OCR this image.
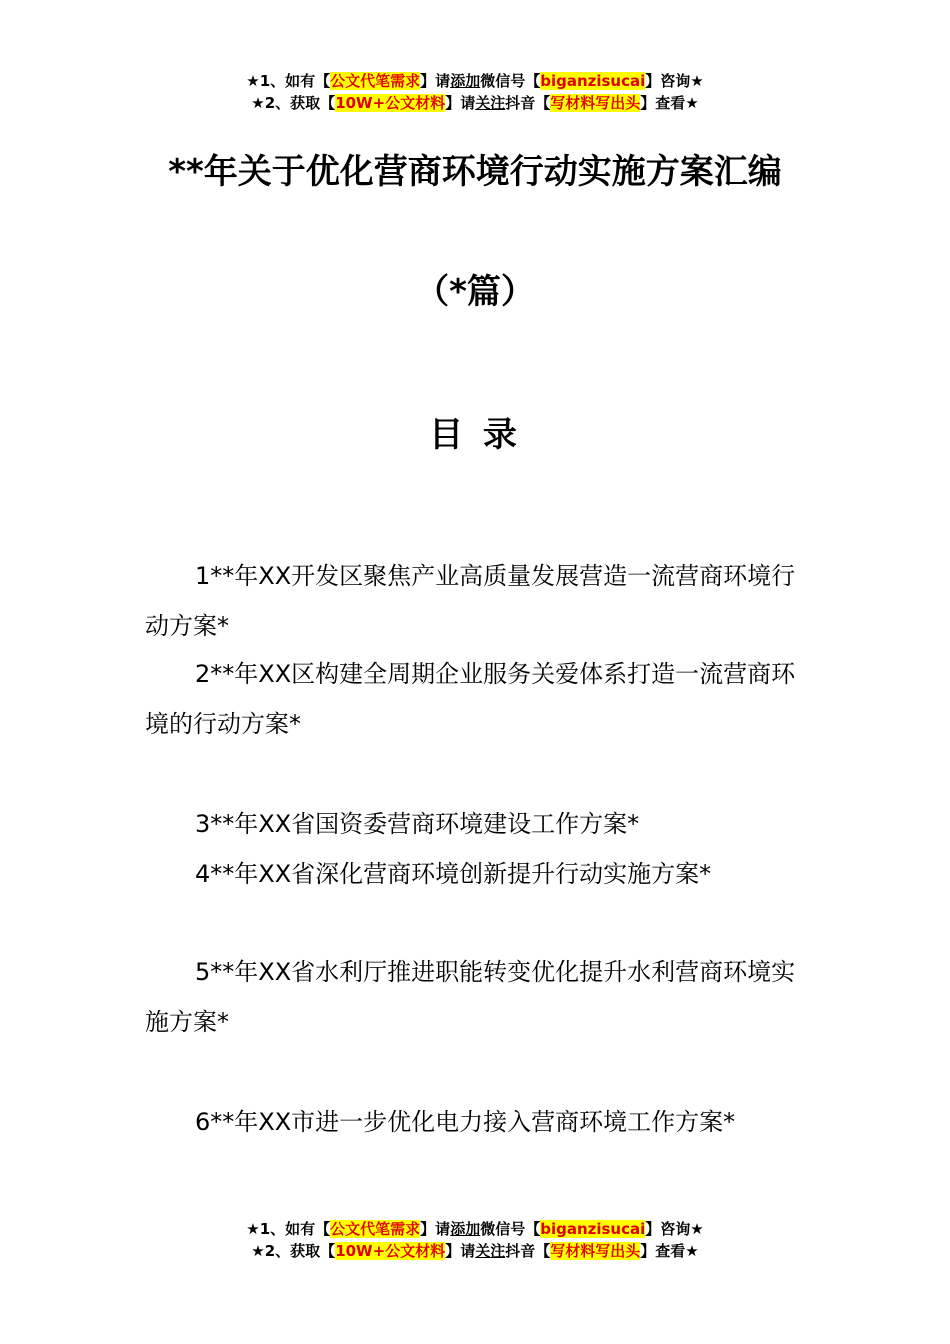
★1、如有【公文代笔需求】请添加微信号【biganzisucai】咨询★
★2、获取【10W+公文材料】请关注抖音【写材料写出头】查看★
**年关于优化营商环境行动实施方案汇编
（*篇）
目 录
1**年XX开发区聚焦产业高质量发展营造一流营商环境行动方案*
2**年XX区构建全周期企业服务关爱体系打造一流营商环境的行动方案*
3**年XX省国资委营商环境建设工作方案*
4**年XX省深化营商环境创新提升行动实施方案*
5**年XX省水利厅推进职能转变优化提升水利营商环境实施方案*
6**年XX市进一步优化电力接入营商环境工作方案*
★1、如有【公文代笔需求】请添加微信号【biganzisucai】咨询★
★2、获取【10W+公文材料】请关注抖音【写材料写出头】查看★
